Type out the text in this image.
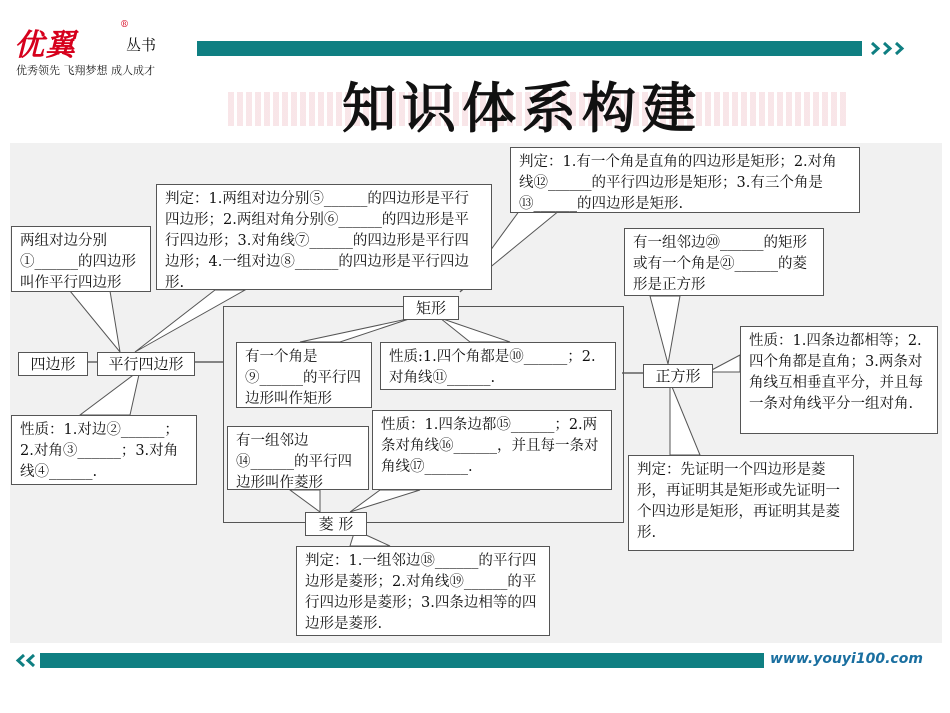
优翼
®
丛书
优秀领先 飞翔梦想 成人成才
知识体系构建
四边形	平行四边形
矩形
正方形
菱 形
两组对边分别①______的四边形叫作平行四边形
判定：1.两组对边分别⑤______的四边形是平行四边形；2.两组对角分别⑥______的四边形是平行四边形；3.对角线⑦______的四边形是平行四边形；4.一组对边⑧______的四边形是平行四边形.
性质：1.对边②______；2.对角③______；3.对角线④______.
判定：1.有一个角是直角的四边形是矩形；2.对角线⑫______的平行四边形是矩形；3.有三个角是⑬______的四边形是矩形.
有一个角是⑨______的平行四边形叫作矩形
性质:1.四个角都是⑩______；2.对角线⑪______.
有一组邻边⑭______的平行四边形叫作菱形
性质：1.四条边都⑮______；2.两条对角线⑯______，并且每一条对角线⑰______.
判定：1.一组邻边⑱______的平行四边形是菱形；2.对角线⑲______的平行四边形是菱形；3.四条边相等的四边形是菱形.
有一组邻边⑳______的矩形或有一个角是㉑______的菱形是正方形
性质：1.四条边都相等；2.四个角都是直角；3.两条对角线互相垂直平分，并且每一条对角线平分一组对角.
判定：先证明一个四边形是菱形，再证明其是矩形或先证明一个四边形是矩形，再证明其是菱形.
www.youyi100.com
